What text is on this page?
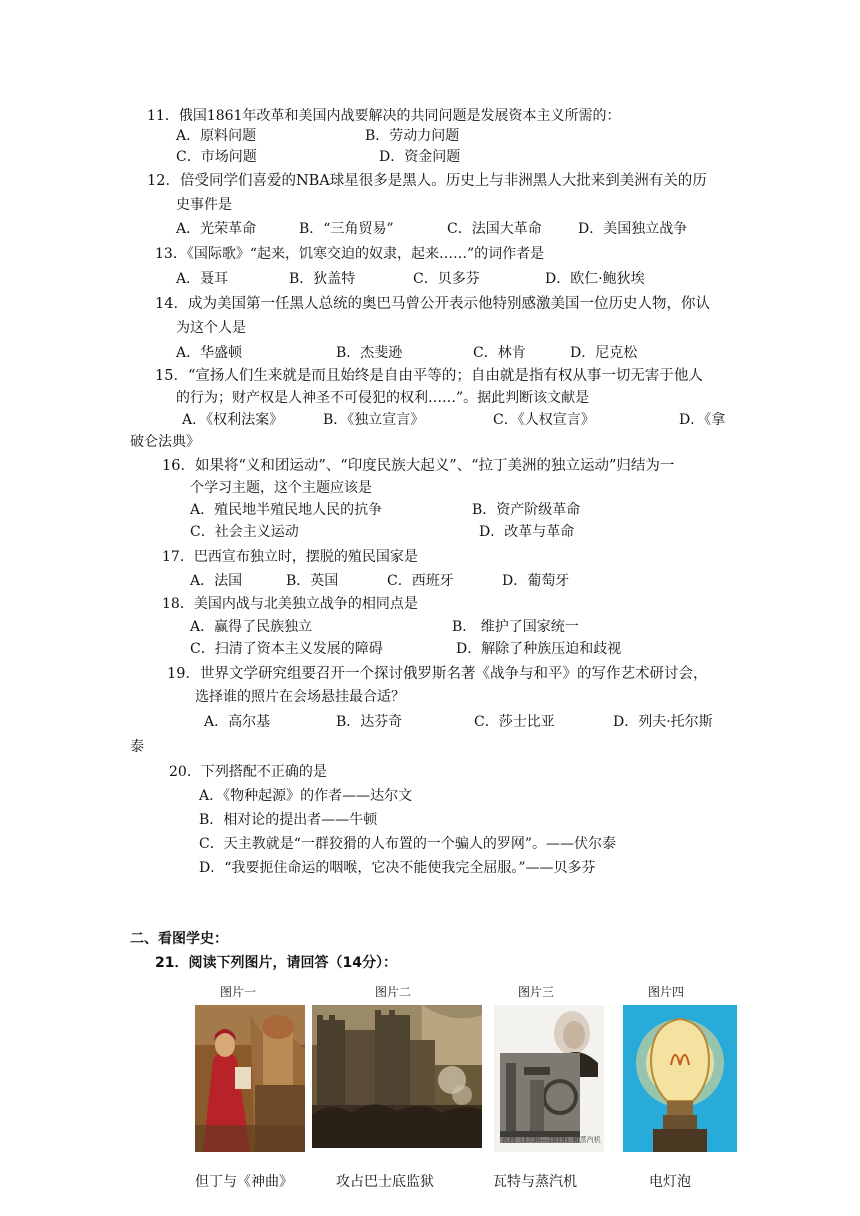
11．俄国1861年改革和美国内战要解决的共同问题是发展资本主义所需的：
A．原料问题	B．劳动力问题
C．市场问题	D．资金问题
12．倍受同学们喜爱的NBA球星很多是黑人。历史上与非洲黑人大批来到美洲有关的历
史事件是
A．光荣革命	B．“三角贸易”	C．法国大革命	D．美国独立战争
13．《国际歌》“起来，饥寒交迫的奴隶，起来……”的词作者是
A．聂耳	B．狄盖特	C．贝多芬	D．欧仁·鲍狄埃
14．成为美国第一任黑人总统的奥巴马曾公开表示他特别感激美国一位历史人物，你认
为这个人是
A．华盛顿	B．杰斐逊	C．林肯	D．尼克松
15．“宣扬人们生来就是而且始终是自由平等的；自由就是指有权从事一切无害于他人
的行为；财产权是人神圣不可侵犯的权利……”。据此判断该文献是
A．《权利法案》	B．《独立宣言》	C．《人权宣言》	D．《拿
破仑法典》
16．如果将“义和团运动”、“印度民族大起义”、“拉丁美洲的独立运动”归结为一
个学习主题，这个主题应该是
A．殖民地半殖民地人民的抗争	B．资产阶级革命
C．社会主义运动	D．改革与革命
17．巴西宣布独立时，摆脱的殖民国家是
A．法国	B．英国	C．西班牙	D．葡萄牙
18．美国内战与北美独立战争的相同点是
A．赢得了民族独立	B． 维护了国家统一
C．扫清了资本主义发展的障碍	D．解除了种族压迫和歧视
19．世界文学研究组要召开一个探讨俄罗斯名著《战争与和平》的写作艺术研讨会，
选择谁的照片在会场悬挂最合适？
A．高尔基	B．达芬奇	C．莎士比亚	D．列夫·托尔斯
泰
20．下列搭配不正确的是
A．《物种起源》的作者——达尔文
B．相对论的提出者——牛顿
C．天主教就是“一群狡猾的人布置的一个骗人的罗网”。——伏尔泰
D．“我要扼住命运的咽喉，它决不能使我完全屈服。”——贝多芬
二、看图学史：
21．阅读下列图片，请回答（14分）：
图片一	图片二	图片三	图片四
瓦特（1736—1819）和蒸汽机
但丁与《神曲》	攻占巴士底监狱	瓦特与蒸汽机	电灯泡
